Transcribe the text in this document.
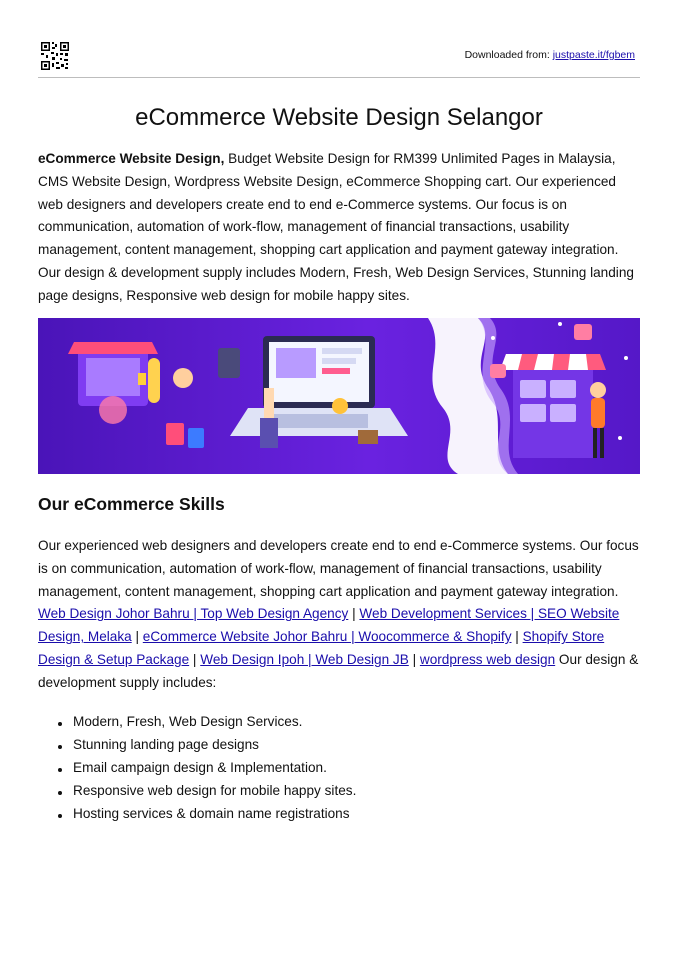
Downloaded from: justpaste.it/fgbem
eCommerce Website Design Selangor

eCommerce Website Design, Budget Website Design for RM399 Unlimited Pages in Malaysia, CMS Website Design, Wordpress Website Design, eCommerce Shopping cart. Our experienced web designers and developers create end to end e-Commerce systems. Our focus is on communication, automation of work-flow, management of financial transactions, usability management, content management, shopping cart application and payment gateway integration. Our design & development supply includes Modern, Fresh, Web Design Services, Stunning landing page designs, Responsive web design for mobile happy sites.

Our eCommerce Skills

Our experienced web designers and developers create end to end e-Commerce systems. Our focus is on communication, automation of work-flow, management of financial transactions, usability management, content management, shopping cart application and payment gateway integration. Web Design Johor Bahru | Top Web Design Agency | Web Development Services | SEO Website Design, Melaka | eCommerce Website Johor Bahru | Woocommerce & Shopify | Shopify Store Design & Setup Package | Web Design Ipoh | Web Design JB | wordpress web design Our design & development supply includes:

Modern, Fresh, Web Design Services.
Stunning landing page designs
Email campaign design & Implementation.
Responsive web design for mobile happy sites.
Hosting services & domain name registrations
